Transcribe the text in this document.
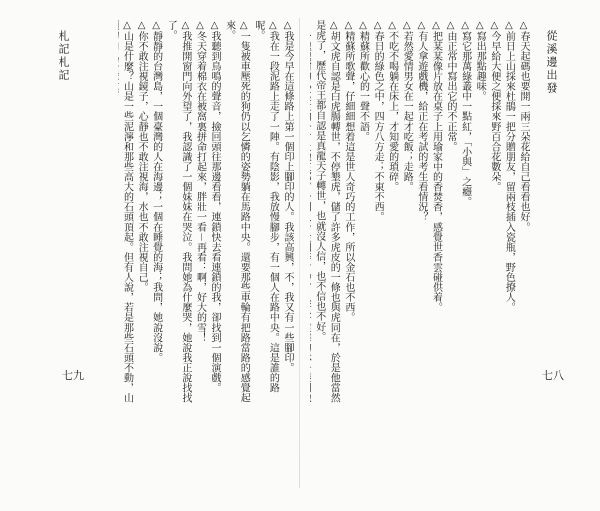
從溪邊出發

△春天起碼也要開一兩三朵花給自己看看也好。

△前日上山採來杜鵑一把分贈朋友，留兩枝插入瓷瓶，野色撩人。

△今早給大便之便採來野百合花數朵。

△寫出那點趣味。

△寫它那萬綠叢中一點紅，「小與」之癮。

△由正常中寫出它的不正常。

△把某某像片放在桌子上用瑜家中的香焚香，感覺世香雲碰供着。

△有人拿遊戲機，給正在考試的考生看情況？

△若然愛情男女在一起才吃飯；走路。

△不吃不喝躺在床上，才知愛的瑣碎。

△春日的綠色之中，四方八方走；不東不西。

△精蘇所歡心的一聲不語。

△精蘇所歌聲，仔細細想着這是世人奇巧的工作，所以金石也不西。

△胡文虎自認是白虎腸轉世，不停墾虎，儲了許多虎皮的一條也與虎同在，於是他當然是虎了，歷代帝王都自認是真龍天子轉世，也就沒人信，也不信也不好。

七八
札記札記	△我是今早在這條路上第一個印上腳印的人。我該高興，不，我又有一些腳印。

△我在一段泥路上走了一陣。有陰影，我放慢腳步，有一個人在路中央。這是誰的路呢。

△一隻被車壓死的狗仍以乞憐的姿勢躺在馬路中央。還要那些車輪有把路當路的感覺起來。

△我聽到鳥鳴的聲音，撿回頭往那邊看看，連鎖快去看連鎖的我，卻找到一個演戲。

△冬天穿着棉衣在被窩裏拼命打起來，胖壯一看－再看：啊，好大的雪！

△我推開窗門向外望了，我認識了一個妹妹在哭泣。我問她為什麼哭，她說我正說找找了。

△靜靜的台灣島，一個臺灣的人在海邊；一個在睡覺的海；我問，她說沒說。

△你不敢注視鏡子，心靜也不敢注視海，水也不敢注視自己。

△山是什麼？山是一些泥濘和那些高大的石頭頂起。但有人說，若是那些石頭不動，山

七九
